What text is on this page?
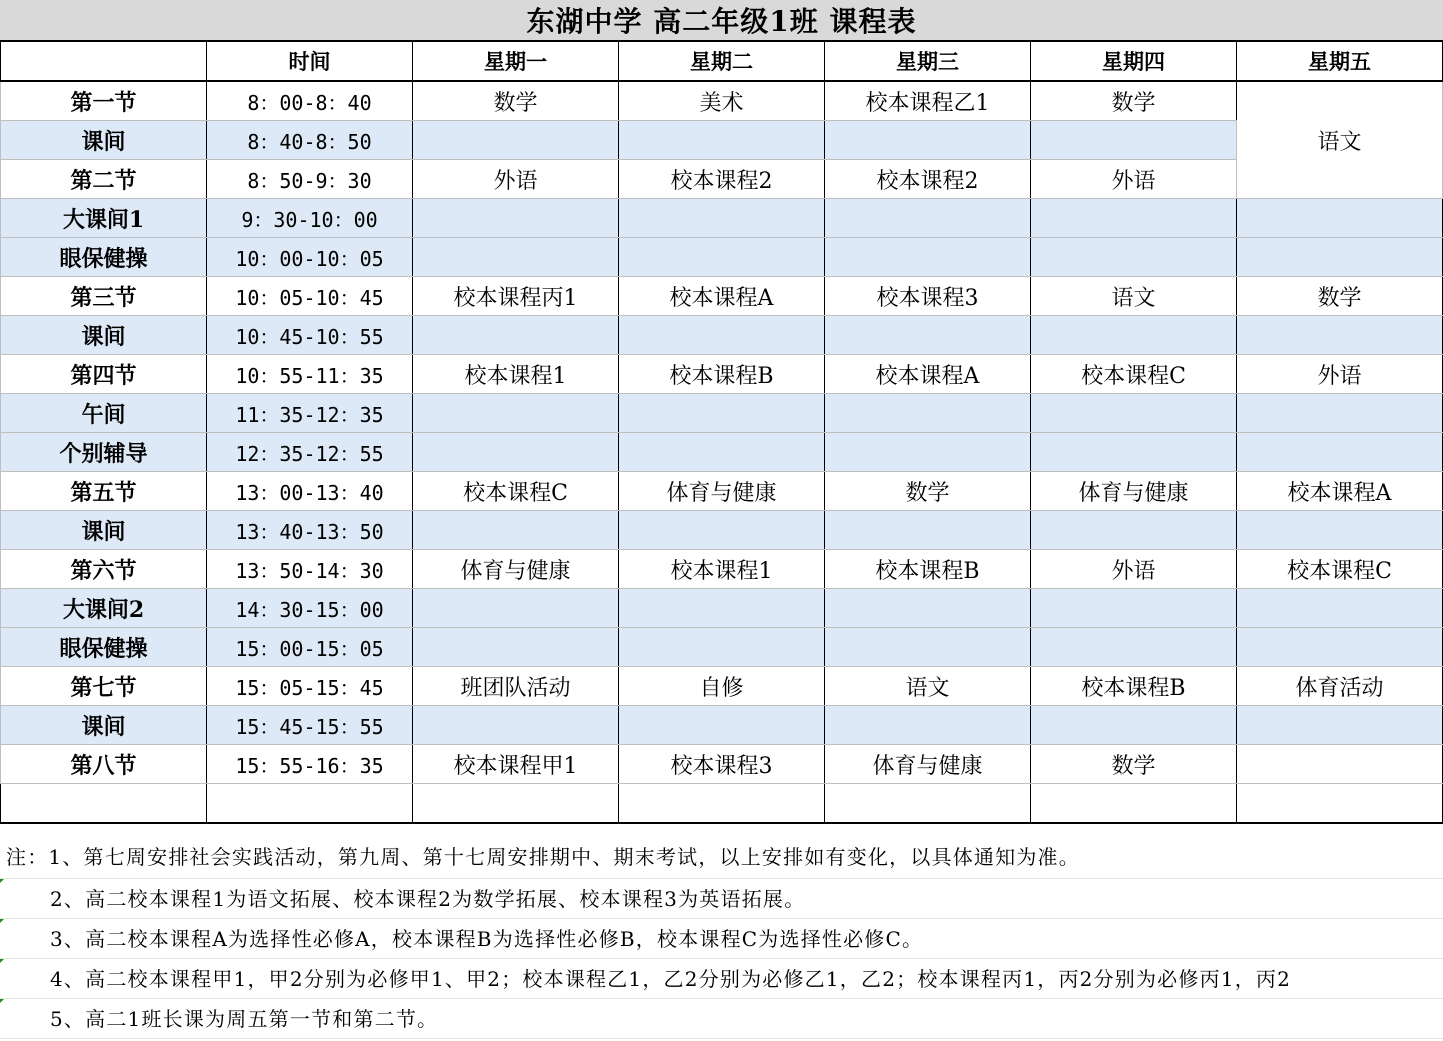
东湖中学 高二年级1班 课程表
	时间	星期一	星期二	星期三	星期四	星期五
第一节	8：00-8：40	数学	美术	校本课程乙1	数学	语文
课间	8：40-8：50					
第二节	8：50-9：30	外语	校本课程2	校本课程2	外语	
大课间1	9：30-10：00					
眼保健操	10：00-10：05					
第三节	10：05-10：45	校本课程丙1	校本课程A	校本课程3	语文	数学
课间	10：45-10：55					
第四节	10：55-11：35	校本课程1	校本课程B	校本课程A	校本课程C	外语
午间	11：35-12：35					
个别辅导	12：35-12：55					
第五节	13：00-13：40	校本课程C	体育与健康	数学	体育与健康	校本课程A
课间	13：40-13：50					
第六节	13：50-14：30	体育与健康	校本课程1	校本课程B	外语	校本课程C
大课间2	14：30-15：00					
眼保健操	15：00-15：05					
第七节	15：05-15：45	班团队活动	自修	语文	校本课程B	体育活动
课间	15：45-15：55					
第八节	15：55-16：35	校本课程甲1	校本课程3	体育与健康	数学	

注：1、第七周安排社会实践活动，第九周、第十七周安排期中、期末考试，以上安排如有变化，以具体通知为准。
2、高二校本课程1为语文拓展、校本课程2为数学拓展、校本课程3为英语拓展。
3、高二校本课程A为选择性必修A，校本课程B为选择性必修B，校本课程C为选择性必修C。
4、高二校本课程甲1，甲2分别为必修甲1、甲2；校本课程乙1，乙2分别为必修乙1，乙2；校本课程丙1，丙2分别为必修丙1，丙2
5、高二1班长课为周五第一节和第二节。
